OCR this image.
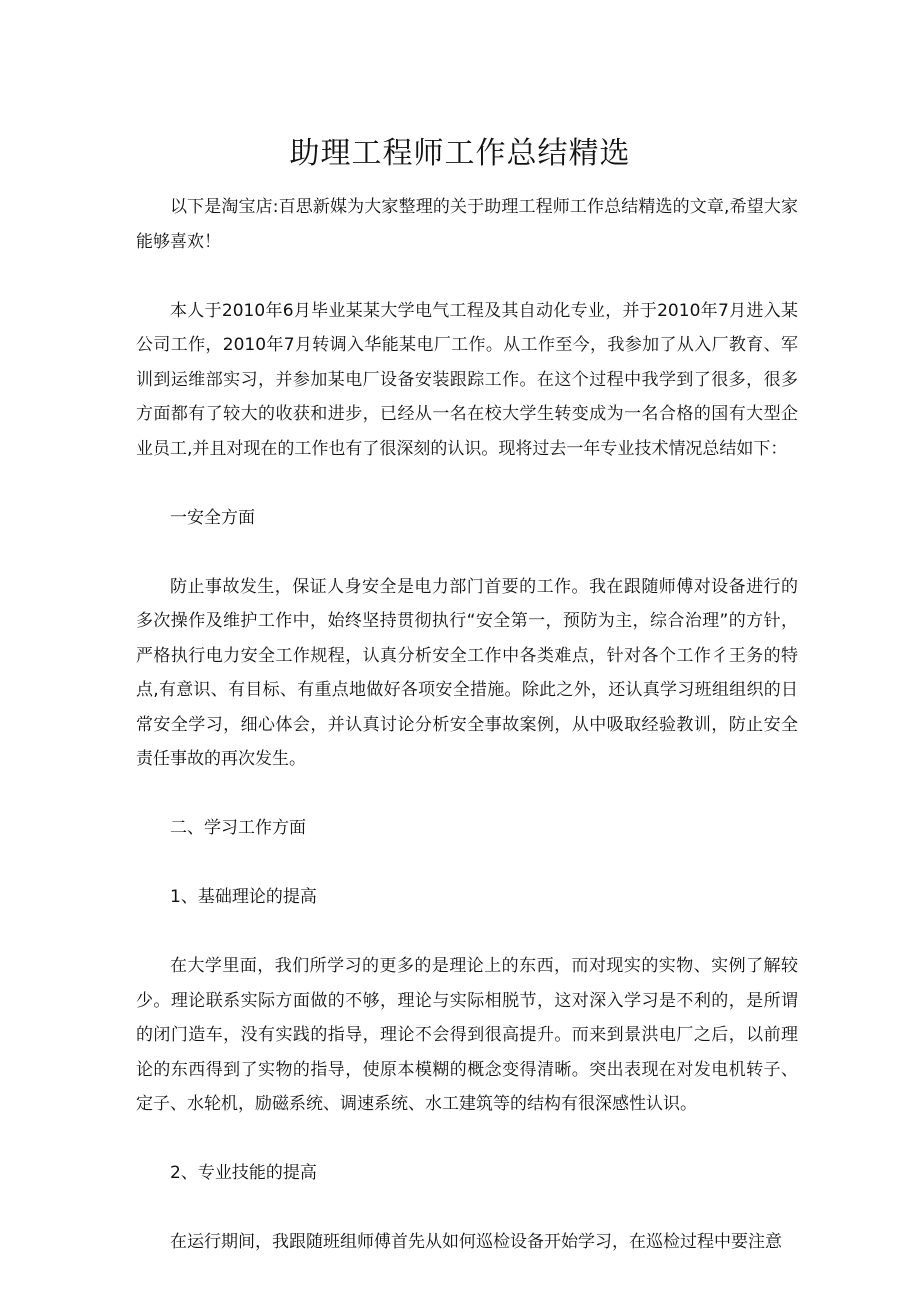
助理工程师工作总结精选

以下是淘宝店:百思新媒为大家整理的关于助理工程师工作总结精选的文章,希望大家能够喜欢！

本人于2010年6月毕业某某大学电气工程及其自动化专业，并于2010年7月进入某公司工作，2010年7月转调入华能某电厂工作。从工作至今，我参加了从入厂教育、军训到运维部实习，并参加某电厂设备安装跟踪工作。在这个过程中我学到了很多，很多方面都有了较大的收获和进步，已经从一名在校大学生转变成为一名合格的国有大型企业员工,并且对现在的工作也有了很深刻的认识。现将过去一年专业技术情况总结如下：

一安全方面

防止事故发生，保证人身安全是电力部门首要的工作。我在跟随师傅对设备进行的多次操作及维护工作中，始终坚持贯彻执行“安全第一，预防为主，综合治理”的方针，严格执行电力安全工作规程，认真分析安全工作中各类难点，针对各个工作彳王务的特点,有意识、有目标、有重点地做好各项安全措施。除此之外，还认真学习班组组织的日常安全学习，细心体会，并认真讨论分析安全事故案例，从中吸取经验教训，防止安全责任事故的再次发生。

二、学习工作方面

1、基础理论的提高

在大学里面，我们所学习的更多的是理论上的东西，而对现实的实物、实例了解较少。理论联系实际方面做的不够，理论与实际相脱节，这对深入学习是不利的，是所谓的闭门造车，没有实践的指导，理论不会得到很高提升。而来到景洪电厂之后，以前理论的东西得到了实物的指导，使原本模糊的概念变得清晰。突出表现在对发电机转子、定子、水轮机，励磁系统、调速系统、水工建筑等的结构有很深感性认识。

2、专业技能的提高

在运行期间，我跟随班组师傅首先从如何巡检设备开始学习，在巡检过程中要注意
